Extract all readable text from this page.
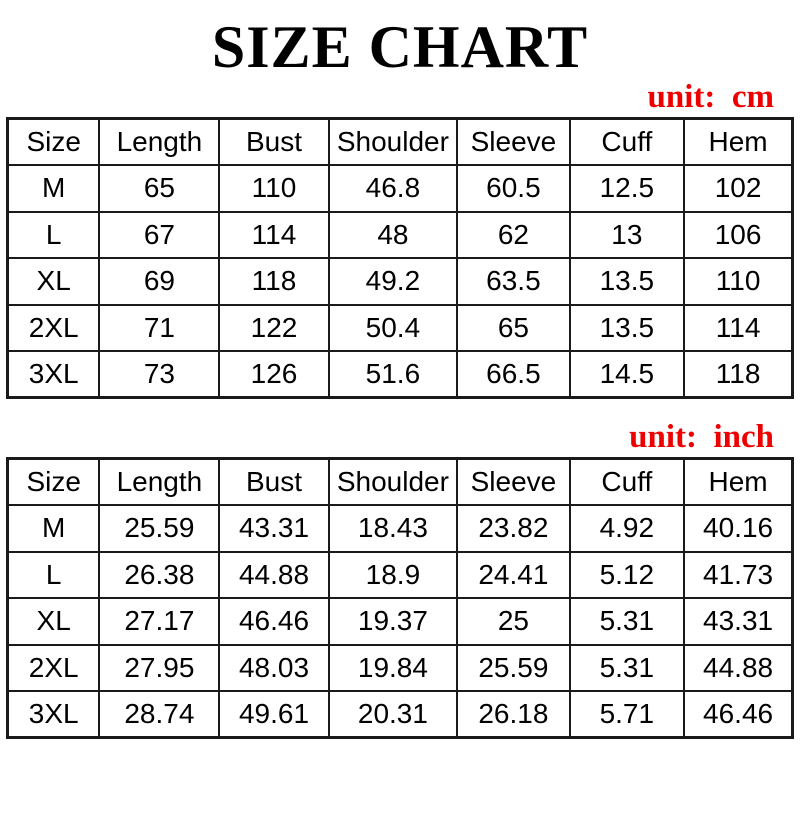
SIZE CHART
unit:  cm
Size	Length	Bust	Shoulder	Sleeve	Cuff	Hem
M	65	110	46.8	60.5	12.5	102
L	67	114	48	62	13	106
XL	69	118	49.2	63.5	13.5	110
2XL	71	122	50.4	65	13.5	114
3XL	73	126	51.6	66.5	14.5	118
unit:  inch
Size	Length	Bust	Shoulder	Sleeve	Cuff	Hem
M	25.59	43.31	18.43	23.82	4.92	40.16
L	26.38	44.88	18.9	24.41	5.12	41.73
XL	27.17	46.46	19.37	25	5.31	43.31
2XL	27.95	48.03	19.84	25.59	5.31	44.88
3XL	28.74	49.61	20.31	26.18	5.71	46.46
